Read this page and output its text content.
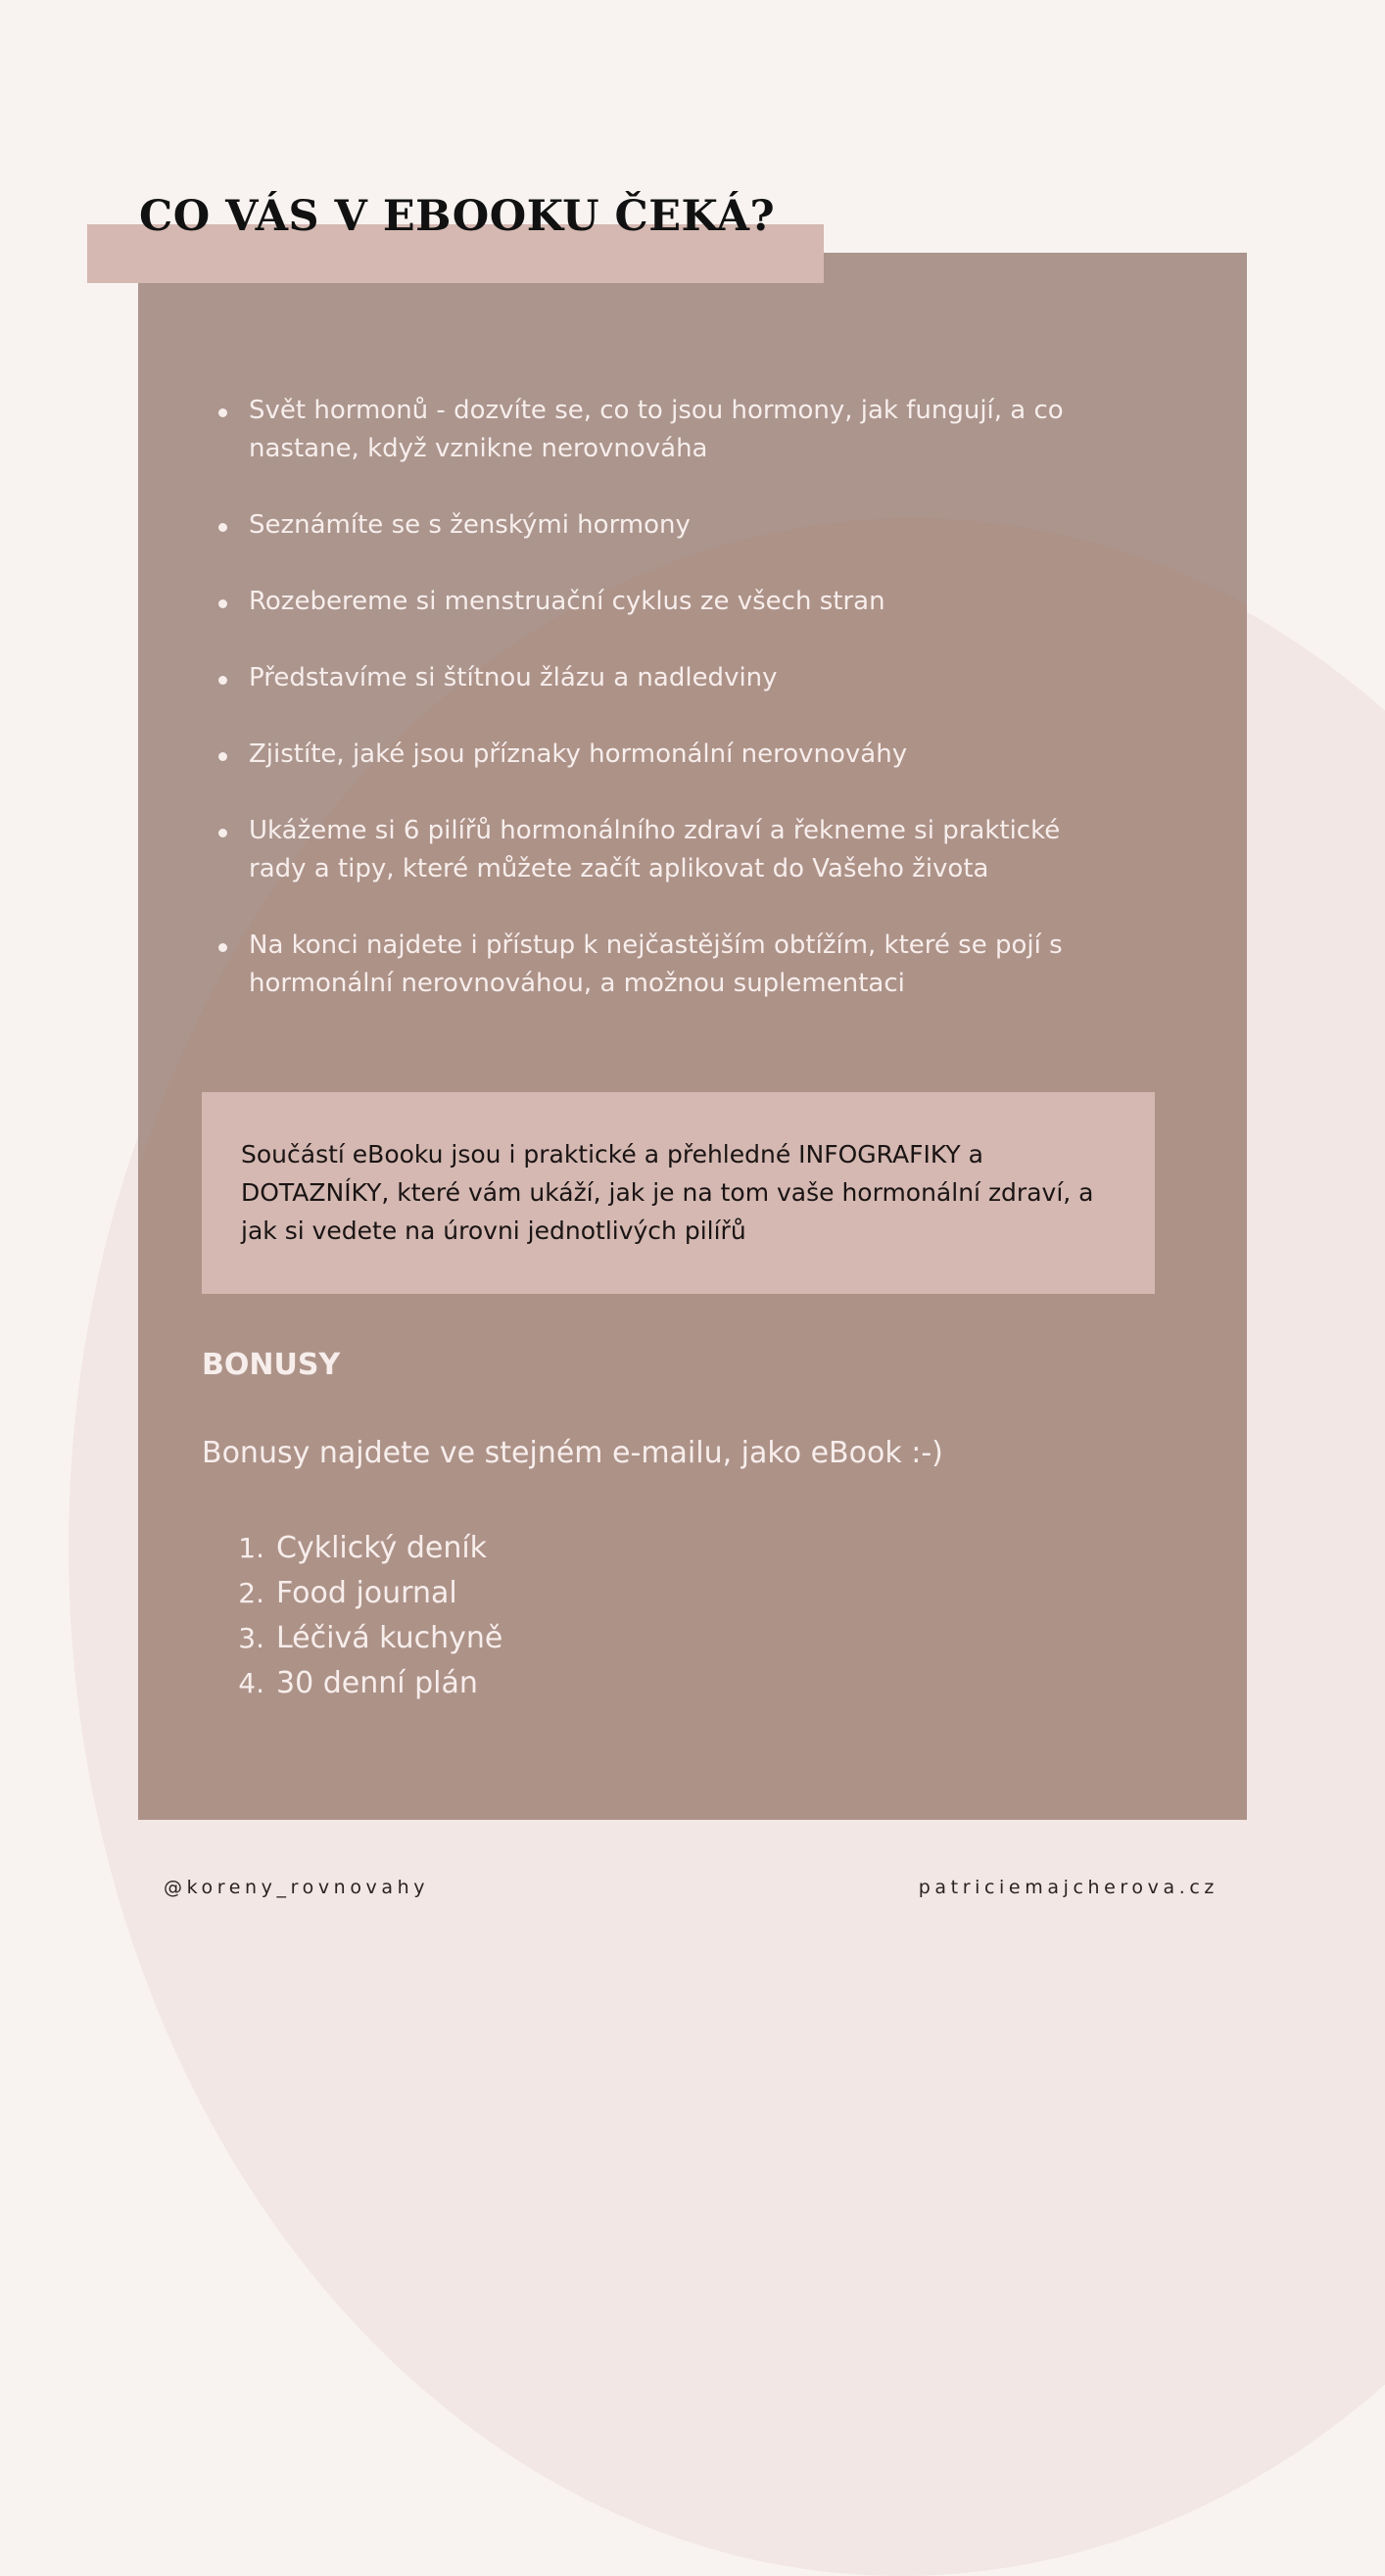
CO VÁS V EBOOKU ČEKÁ?
Svět hormonů - dozvíte se, co to jsou hormony, jak fungují, a co nastane, když vznikne nerovnováha
Seznámíte se s ženskými hormony
Rozebereme si menstruační cyklus ze všech stran
Představíme si štítnou žlázu a nadledviny
Zjistíte, jaké jsou příznaky hormonální nerovnováhy
Ukážeme si 6 pilířů hormonálního zdraví a řekneme si praktické rady a tipy, které můžete začít aplikovat do Vašeho života
Na konci najdete i přístup k nejčastějším obtížím, které se pojí s hormonální nerovnováhou, a možnou suplementaci

Součástí eBooku jsou i praktické a přehledné INFOGRAFIKY a DOTAZNÍKY, které vám ukáží, jak je na tom vaše hormonální zdraví, a jak si vedete na úrovni jednotlivých pilířů

BONUSY

Bonusy najdete ve stejném e-mailu, jako eBook :-)

1. Cyklický deník
2. Food journal
3. Léčivá kuchyně
4. 30 denní plán

@koreny_rovnovahy	patriciemajcherova.cz
